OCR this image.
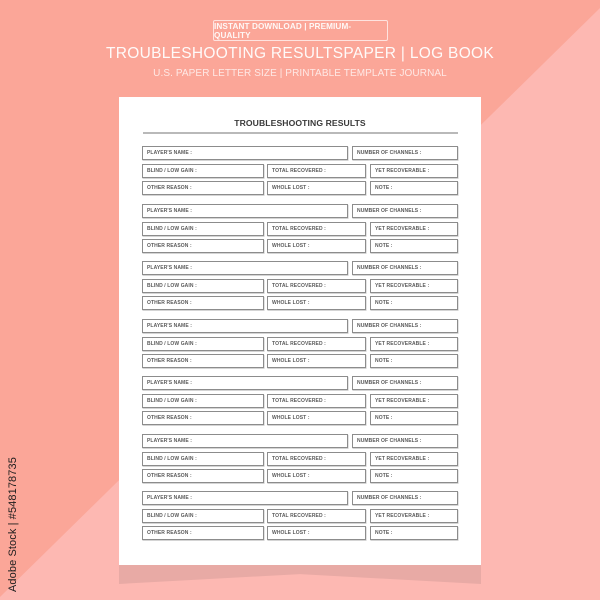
INSTANT DOWNLOAD | PREMIUM-QUALITY
TROUBLESHOOTING RESULTSPAPER | LOG BOOK
U.S. PAPER LETTER SIZE | PRINTABLE TEMPLATE JOURNAL
TROUBLESHOOTING RESULTS
PLAYER'S NAME :	NUMBER OF CHANNELS :
BLIND / LOW GAIN :	TOTAL RECOVERED :	YET RECOVERABLE :
OTHER REASON :	WHOLE LOST :	NOTE :
PLAYER'S NAME :	NUMBER OF CHANNELS :
BLIND / LOW GAIN :	TOTAL RECOVERED :	YET RECOVERABLE :
OTHER REASON :	WHOLE LOST :	NOTE :
PLAYER'S NAME :	NUMBER OF CHANNELS :
BLIND / LOW GAIN :	TOTAL RECOVERED :	YET RECOVERABLE :
OTHER REASON :	WHOLE LOST :	NOTE :
PLAYER'S NAME :	NUMBER OF CHANNELS :
BLIND / LOW GAIN :	TOTAL RECOVERED :	YET RECOVERABLE :
OTHER REASON :	WHOLE LOST :	NOTE :
PLAYER'S NAME :	NUMBER OF CHANNELS :
BLIND / LOW GAIN :	TOTAL RECOVERED :	YET RECOVERABLE :
OTHER REASON :	WHOLE LOST :	NOTE :
PLAYER'S NAME :	NUMBER OF CHANNELS :
BLIND / LOW GAIN :	TOTAL RECOVERED :	YET RECOVERABLE :
OTHER REASON :	WHOLE LOST :	NOTE :
PLAYER'S NAME :	NUMBER OF CHANNELS :
BLIND / LOW GAIN :	TOTAL RECOVERED :	YET RECOVERABLE :
OTHER REASON :	WHOLE LOST :	NOTE :
Adobe Stock | #548178735
